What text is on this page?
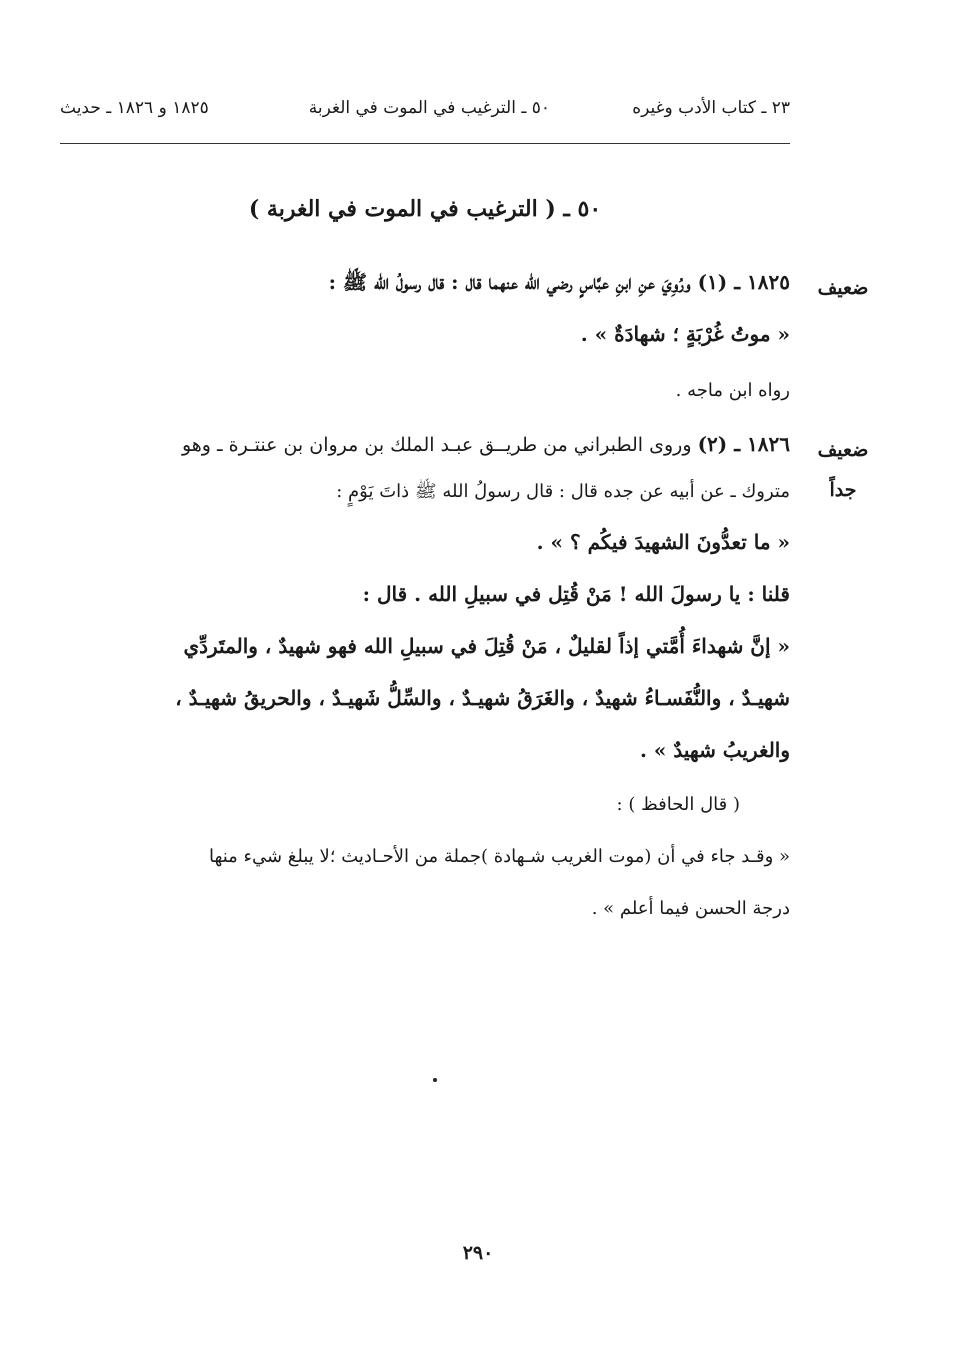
٢٣ ـ كتاب الأدب وغيره
٥٠ ـ الترغيب في الموت في الغربة
١٨٢٥ و ١٨٢٦ ـ حديث
٥٠ ـ ( الترغيب في الموت في الغربة )
ضعيف
١٨٢٥ ـ (١) ورُوِيَ عنِ ابنِ عبَّاسٍ رضي الله عنهما قال : قال رسولُ الله ﷺ :
« موتُ غُرْبَةٍ ؛ شهادَةٌ » .
رواه ابن ماجه .
ضعيف
جداً
١٨٢٦ ـ (٢) وروى الطبراني من طريــق عبـد الملك بن مروان بن عنتـرة ـ وهو
متروك ـ عن أبيه عن جده قال : قال رسولُ الله ﷺ ذاتَ يَوْمٍ :
« ما تعدُّونَ الشهيدَ فيكُم ؟ » .
قلنا : يا رسولَ الله ! مَنْ قُتِل في سبيلِ الله . قال :
« إنَّ شهداءَ أُمَّتي إذاً لقليلٌ ، مَنْ قُتِلَ في سبيلِ الله فهو شهيدٌ ، والمتَردِّي
شهيـدٌ ، والنُّفَسـاءُ شهيدٌ ، والغَرَقُ شهيـدٌ ، والسِّلُّ شَهيـدٌ ، والحريقُ شهيـدٌ ،
والغريبُ شهيدٌ » .
( قال الحافظ ) :
« وقـد جاء في أن (موت الغريب شـهادة )جملة من الأحـاديث ؛لا يبلغ شيء منها
درجة الحسن فيما أعلم » .
٢٩٠
